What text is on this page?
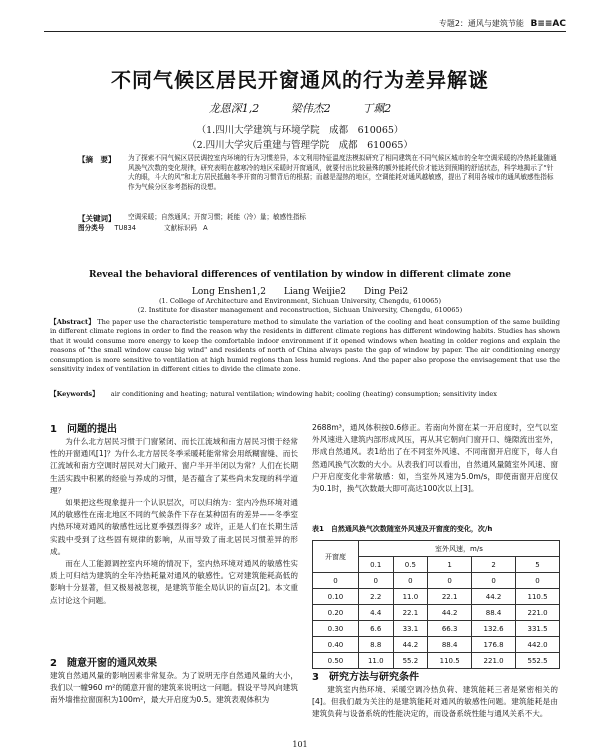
专题2：通风与建筑节能 B≡≡AC
不同气候区居民开窗通风的行为差异解谜
龙恩深1,2	梁伟杰2	丁珮2
（1.四川大学建筑与环境学院　成都　610065）
（2.四川大学灾后重建与管理学院　成都　610065）
【摘　要】 为了探索不同气候区居民调控室内环境的行为习惯差异，本文利用特征温度法模拟研究了相同建筑在不同气候区城市的全年空调采暖的冷热耗量随通风换气次数的变化规律，研究表明在越寒冷的地区采暖时开窗通风，就要付出比较悬殊的额外能耗代价才能达到预期的舒适状态，科学地揭示了“针大的眼，斗大的风”和北方居民抵触冬季开窗的习惯背后的根据；而越是湿热的地区，空调能耗对通风越敏感，提出了利用各城市的通风敏感性指标作为气候分区参考指标的设想。
【关键词】 空调采暖；自然通风；开窗习惯；耗能（冷）量；敏感性指标
图分类号 TU834	文献标识码 A
Reveal the behavioral differences of ventilation by window in different climate zone
Long Enshen1,2　　Liang Weijie2　　Ding Pei2
(1. College of Architecture and Environment, Sichuan University, Chengdu, 610065)
(2. Institute for disaster management and reconstruction, Sichuan University, Chengdu, 610065)
【Abstract】 The paper use the characteristic temperature method to simulate the variation of the cooling and heat consumption of the same building in different climate regions in order to find the reason why the residents in different climate regions has different windowing habits. Studies has shown that it would consume more energy to keep the comfortable indoor environment if it opened windows when heating in colder regions and explain the reasons of "the small window cause big wind" and residents of north of China always paste the gap of window by paper. The air conditioning energy consumption is more sensitive to ventilation at high humid regions than less humid regions. And the paper also propose the envisagement that use the sensitivity index of ventilation in different cities to divide the climate zone.
【Keywords】 air conditioning and heating; natural ventilation; windowing habit; cooling (heating) consumption; sensitivity index
1　问题的提出

为什么北方居民习惯于门窗紧闭、而长江流域和南方居民习惯于经常性的开窗通风[1]？为什么北方居民冬季采暖耗能常常会用纸糊窗缝、而长江流域和南方空调时居民对大门敞开、窗户半开半闭以为常？人们在长期生活实践中积累的经验与养成的习惯，是否蕴含了某些尚未发现的科学道理？

如果把这些现象提升一个认识层次，可以归纳为：室内冷热环境对通风的敏感性在南北地区不同的气候条件下存在某种固有的差异——冬季室内热环境对通风的敏感性远比夏季强烈得多？或许，正是人们在长期生活实践中受到了这些固有规律的影响，从而导致了南北居民习惯差异的形成。

而在人工能源调控室内环境的情况下，室内热环境对通风的敏感性实质上可归结为建筑的全年冷热耗量对通风的敏感性。它对建筑能耗高低的影响十分显著，但又极易被忽视，是建筑节能全局认识的盲点[2]。本文重点讨论这个问题。

2　随意开窗的通风效果

建筑自然通风量的影响因素非常复杂。为了说明无序自然通风量的大小，我们以一幢960 m²的随意开窗的建筑来说明这一问题。假设平导风向建筑南外墙推拉窗面积为100m²，最大开启度为0.5。建筑表观体积为

2688m³，通风体积按0.6修正。若南向外窗在某一开启度时，空气以室外风速进入建筑内部形成风压，再从其它朝向门窗开口、缝隙流出室外，形成自然通风。表1给出了在不同室外风速、不同南窗开启度下，每人自然通风换气次数的大小。从表我们可以看出，自然通风量随室外风速、窗户开启度变化非常敏感：如，当室外风速为5.0m/s，即使南窗开启度仅为0.1时，换气次数最大即可高达100次以上[3]。

表1　自然通风换气次数随室外风速及开窗度的变化，次/h
开窗度	室外风速，m/s				
	0.1	0.5	1	2	5
0	0	0	0	0	0
0.10	2.2	11.0	22.1	44.2	110.5
0.20	4.4	22.1	44.2	88.4	221.0
0.30	6.6	33.1	66.3	132.6	331.5
0.40	8.8	44.2	88.4	176.8	442.0
0.50	11.0	55.2	110.5	221.0	552.5
3　研究方法与研究条件

建筑室内热环境、采暖空调冷热负荷、建筑能耗三者是紧密相关的[4]。但我们最为关注的是建筑能耗对通风的敏感性问题。建筑能耗是由建筑负荷与设备系统的性能决定的，而设备系统性能与通风关系不大。

101
